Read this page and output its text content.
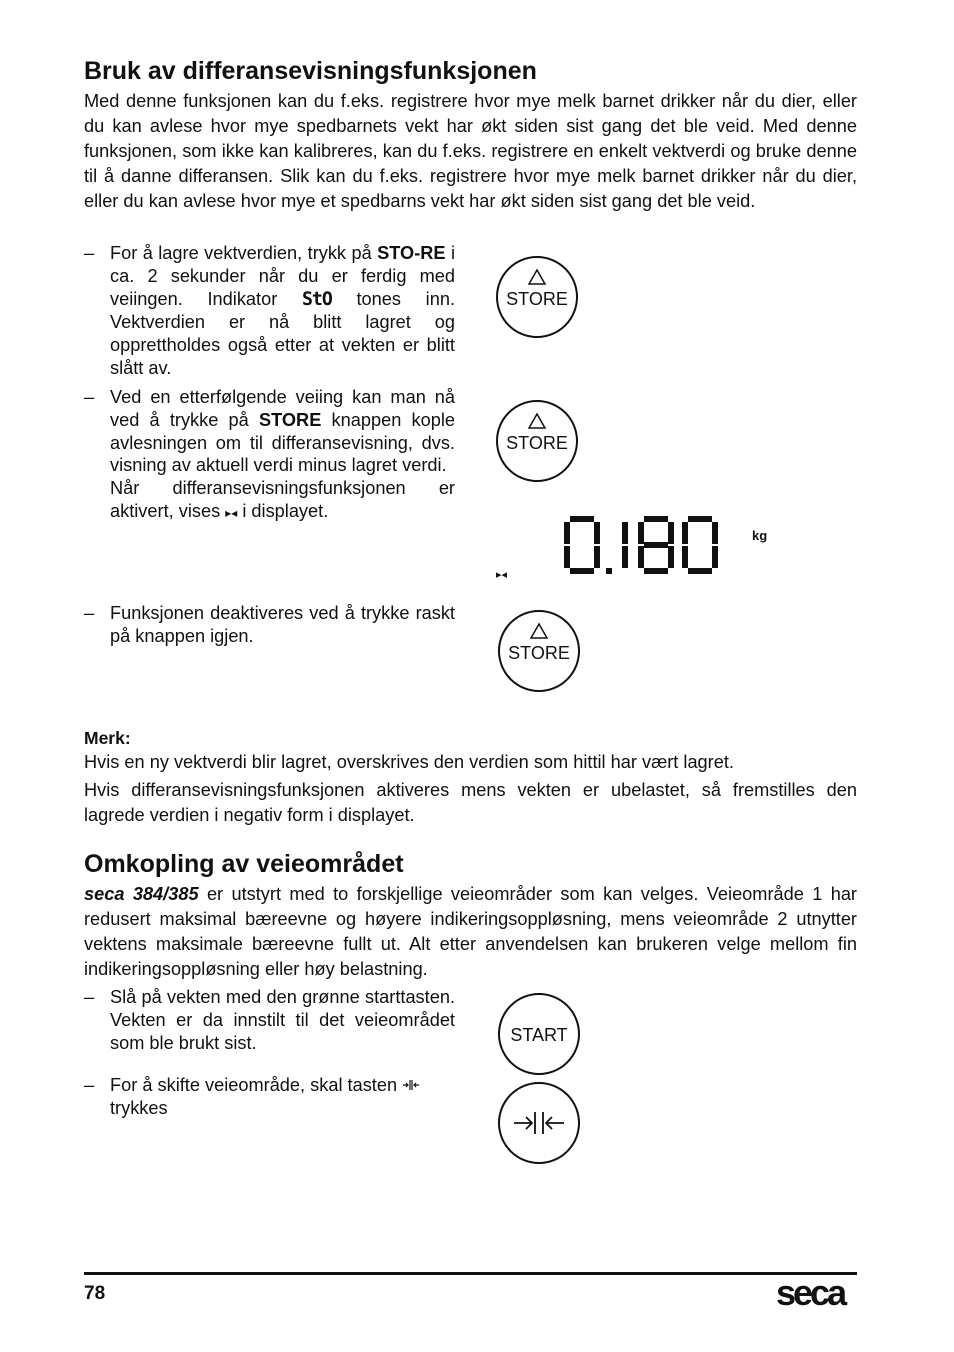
Bruk av differansevisningsfunksjonen

Med denne funksjonen kan du f.eks. registrere hvor mye melk barnet drikker når du dier, eller du kan avlese hvor mye spedbarnets vekt har økt siden sist gang det ble veid. Med denne funksjonen, som ikke kan kalibreres, kan du f.eks. registrere en enkelt vektverdi og bruke denne til å danne differansen. Slik kan du f.eks. registrere hvor mye melk barnet drikker når du dier, eller du kan avlese hvor mye et spedbarns vekt har økt siden sist gang det ble veid.

– For å lagre vektverdien, trykk på STO-RE i ca. 2 sekunder når du er ferdig med veiingen. Indikator StO tones inn. Vektverdien er nå blitt lagret og opprettholdes også etter at vekten er blitt slått av.
– Ved en etterfølgende veiing kan man nå ved å trykke på STORE knappen kople avlesningen om til differansevisning, dvs. visning av aktuell verdi minus lagret verdi.
Når differansevisningsfunksjonen er aktivert, vises ▸◂ i displayet.
– Funksjonen deaktiveres ved å trykke raskt på knappen igjen.
STORE
STORE
STORE
▸◂
kg
Merk:

Hvis en ny vektverdi blir lagret, overskrives den verdien som hittil har vært lagret.

Hvis differansevisningsfunksjonen aktiveres mens vekten er ubelastet, så fremstilles den lagrede verdien i negativ form i displayet.

Omkopling av veieområdet

seca 384/385 er utstyrt med to forskjellige veieområder som kan velges. Veieområde 1 har redusert maksimal bæreevne og høyere indikeringsoppløsning, mens veieområde 2 utnytter vektens maksimale bæreevne fullt ut. Alt etter anvendelsen kan brukeren velge mellom fin indikeringsoppløsning eller høy belastning.

– Slå på vekten med den grønne starttasten. Vekten er da innstilt til det veieområdet som ble brukt sist.
– For å skifte veieområde, skal tasten
trykkes
START
78	seca
